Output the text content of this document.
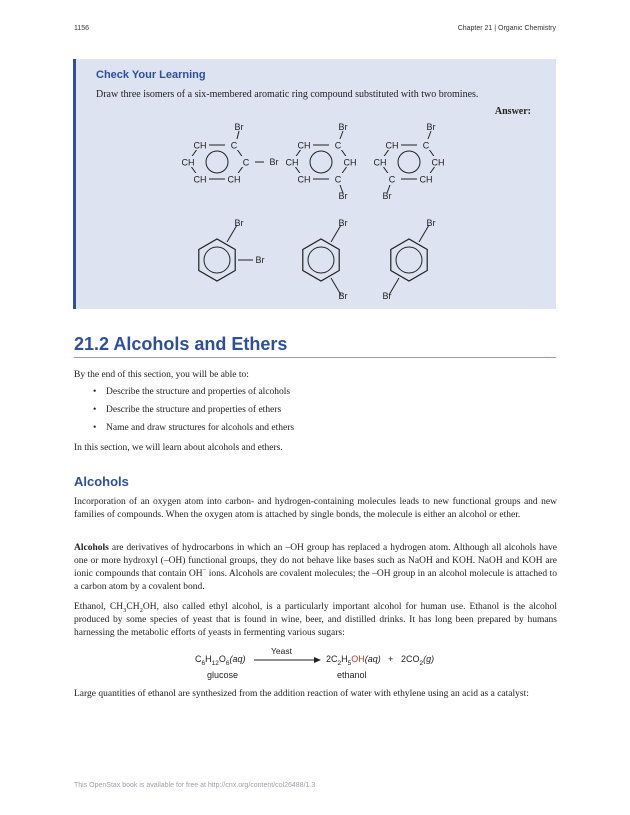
1156	Chapter 21 | Organic Chemistry
Check Your Learning
Draw three isomers of a six-membered aromatic ring compound substituted with two bromines.
Answer:
CH	C
C
CH
CH
CH
Br
Br
CH	C
CH
C
CH
CH
Br
Br
CH	C
CH
CH
C
CH
Br
Br
Br
Br
Br
Br
Br
Br
21.2 Alcohols and Ethers

By the end of this section, you will be able to:

• Describe the structure and properties of alcohols
• Describe the structure and properties of ethers
• Name and draw structures for alcohols and ethers

In this section, we will learn about alcohols and ethers.

Alcohols

Incorporation of an oxygen atom into carbon- and hydrogen-containing molecules leads to new functional groups and new families of compounds. When the oxygen atom is attached by single bonds, the molecule is either an alcohol or ether.

Alcohols are derivatives of hydrocarbons in which an –OH group has replaced a hydrogen atom. Although all alcohols have one or more hydroxyl (–OH) functional groups, they do not behave like bases such as NaOH and KOH. NaOH and KOH are ionic compounds that contain OH− ions. Alcohols are covalent molecules; the –OH group in an alcohol molecule is attached to a carbon atom by a covalent bond.

Ethanol, $CH_3CH_2OH$, also called ethyl alcohol, is a particularly important alcohol for human use. Ethanol is the alcohol produced by some species of yeast that is found in wine, beer, and distilled drinks. It has long been prepared by humans harnessing the metabolic efforts of yeasts in fermenting various sugars:

$C_6H_{12}O_6(aq)$
Yeast
$2C_2H_5OH(aq) + 2CO_2(g)$
glucose	ethanol

Large quantities of ethanol are synthesized from the addition reaction of water with ethylene using an acid as a catalyst:

This OpenStax book is available for free at http://cnx.org/content/col26488/1.3
